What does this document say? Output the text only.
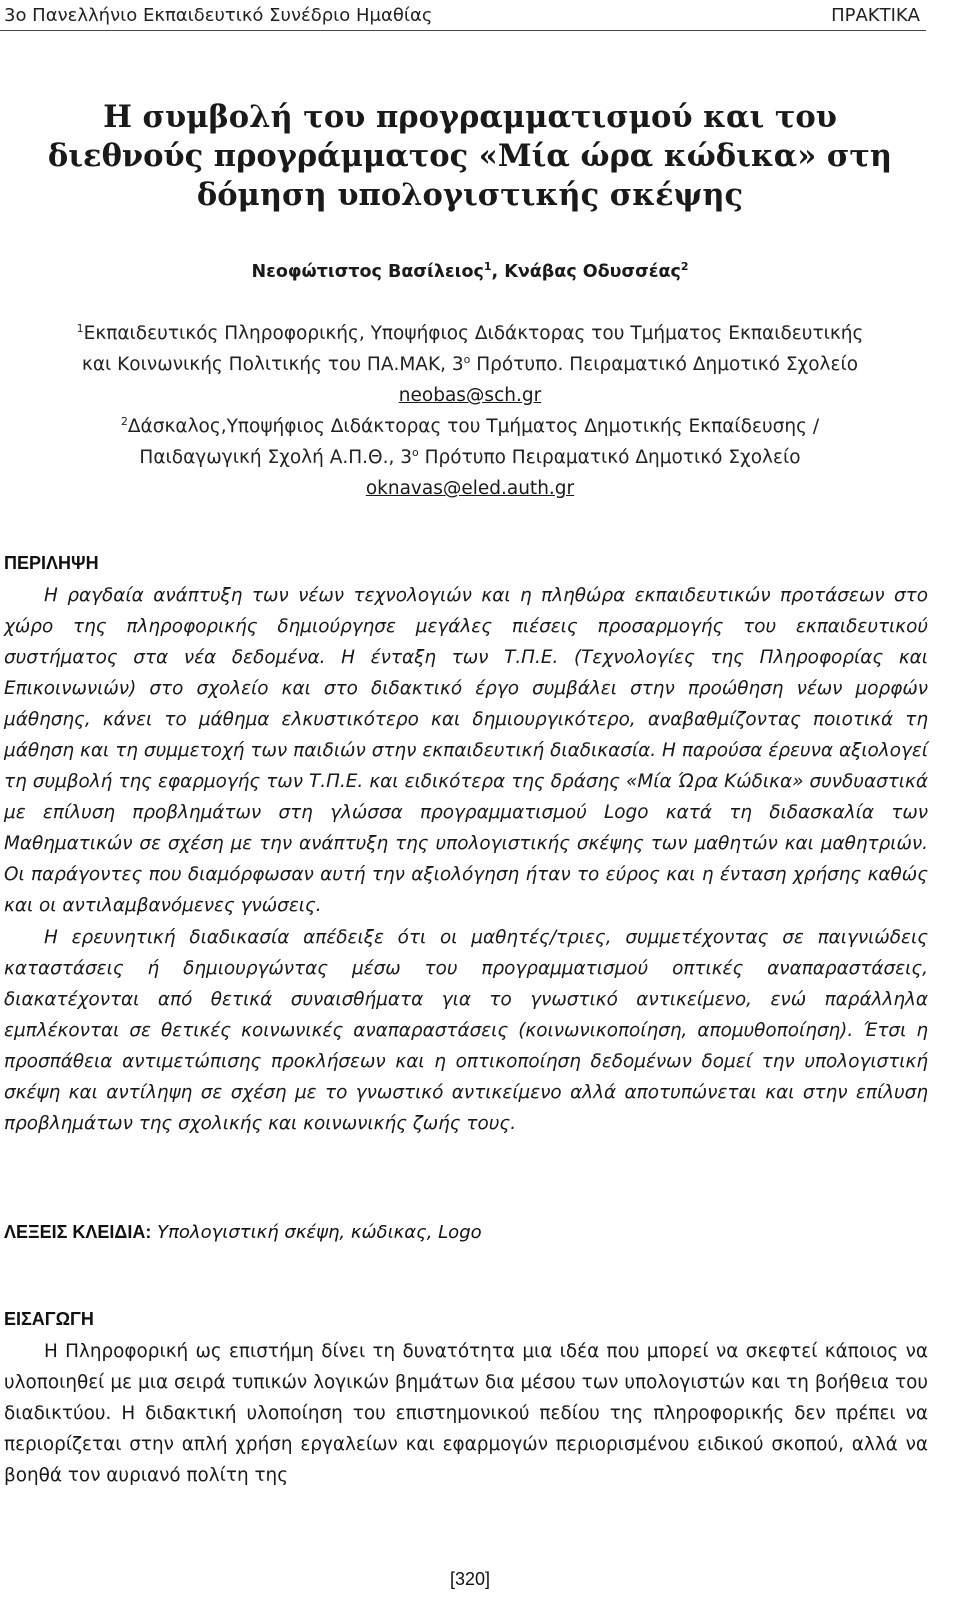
3ο Πανελλήνιο Εκπαιδευτικό Συνέδριο Ημαθίας	ΠΡΑΚΤΙΚΑ
Η συμβολή του προγραμματισμού και του διεθνούς προγράμματος «Μία ώρα κώδικα» στη δόμηση υπολογιστικής σκέψης
Νεοφώτιστος Βασίλειος$^1$, Κνάβας Οδυσσέας$^2$
$^1$Εκπαιδευτικός Πληροφορικής, Υποψήφιος Διδάκτορας του Τμήματος Εκπαιδευτικής
και Κοινωνικής Πολιτικής του ΠΑ.ΜΑΚ, $3^o$ Πρότυπο. Πειραματικό Δημοτικό Σχολείο
neobas@sch.gr
$^2$Δάσκαλος,Υποψήφιος Διδάκτορας του Τμήματος Δημοτικής Εκπαίδευσης /
Παιδαγωγική Σχολή Α.Π.Θ., $3^o$ Πρότυπο Πειραματικό Δημοτικό Σχολείο
oknavas@eled.auth.gr
ΠΕΡΙΛΗΨΗ

Η ραγδαία ανάπτυξη των νέων τεχνολογιών και η πληθώρα εκπαιδευτικών προτάσεων στο χώρο της πληροφορικής δημιούργησε μεγάλες πιέσεις προσαρμογής του εκπαιδευτικού συστήματος στα νέα δεδομένα. Η ένταξη των Τ.Π.Ε. (Τεχνολογίες της Πληροφορίας και Επικοινωνιών) στο σχολείο και στο διδακτικό έργο συμβάλει στην προώθηση νέων μορφών μάθησης, κάνει το μάθημα ελκυστικότερο και δημιουργικότερο, αναβαθμίζοντας ποιοτικά τη μάθηση και τη συμμετοχή των παιδιών στην εκπαιδευτική διαδικασία. Η παρούσα έρευνα αξιολογεί τη συμβολή της εφαρμογής των Τ.Π.Ε. και ειδικότερα της δράσης «Μία Ώρα Κώδικα» συνδυαστικά με επίλυση προβλημάτων στη γλώσσα προγραμματισμού Logo κατά τη διδασκαλία των Μαθηματικών σε σχέση με την ανάπτυξη της υπολογιστικής σκέψης των μαθητών και μαθητριών. Οι παράγοντες που διαμόρφωσαν αυτή την αξιολόγηση ήταν το εύρος και η ένταση χρήσης καθώς και οι αντιλαμβανόμενες γνώσεις.

Η ερευνητική διαδικασία απέδειξε ότι οι μαθητές/τριες, συμμετέχοντας σε παιγνιώδεις καταστάσεις ή δημιουργώντας μέσω του προγραμματισμού οπτικές αναπαραστάσεις, διακατέχονται από θετικά συναισθήματα για το γνωστικό αντικείμενο, ενώ παράλληλα εμπλέκονται σε θετικές κοινωνικές αναπαραστάσεις (κοινωνικοποίηση, απομυθοποίηση). Έτσι η προσπάθεια αντιμετώπισης προκλήσεων και η οπτικοποίηση δεδομένων δομεί την υπολογιστική σκέψη και αντίληψη σε σχέση με το γνωστικό αντικείμενο αλλά αποτυπώνεται και στην επίλυση προβλημάτων της σχολικής και κοινωνικής ζωής τους.

ΛΕΞΕΙΣ ΚΛΕΙΔΙΑ: Υπολογιστική σκέψη, κώδικας, Logo
ΕΙΣΑΓΩΓΗ

Η Πληροφορική ως επιστήμη δίνει τη δυνατότητα μια ιδέα που μπορεί να σκεφτεί κάποιος να υλοποιηθεί με μια σειρά τυπικών λογικών βημάτων δια μέσου των υπολογιστών και τη βοήθεια του διαδικτύου. Η διδακτική υλοποίηση του επιστημονικού πεδίου της πληροφορικής δεν πρέπει να περιορίζεται στην απλή χρήση εργαλείων και εφαρμογών περιορισμένου ειδικού σκοπού, αλλά να βοηθά τον αυριανό πολίτη της

[320]
